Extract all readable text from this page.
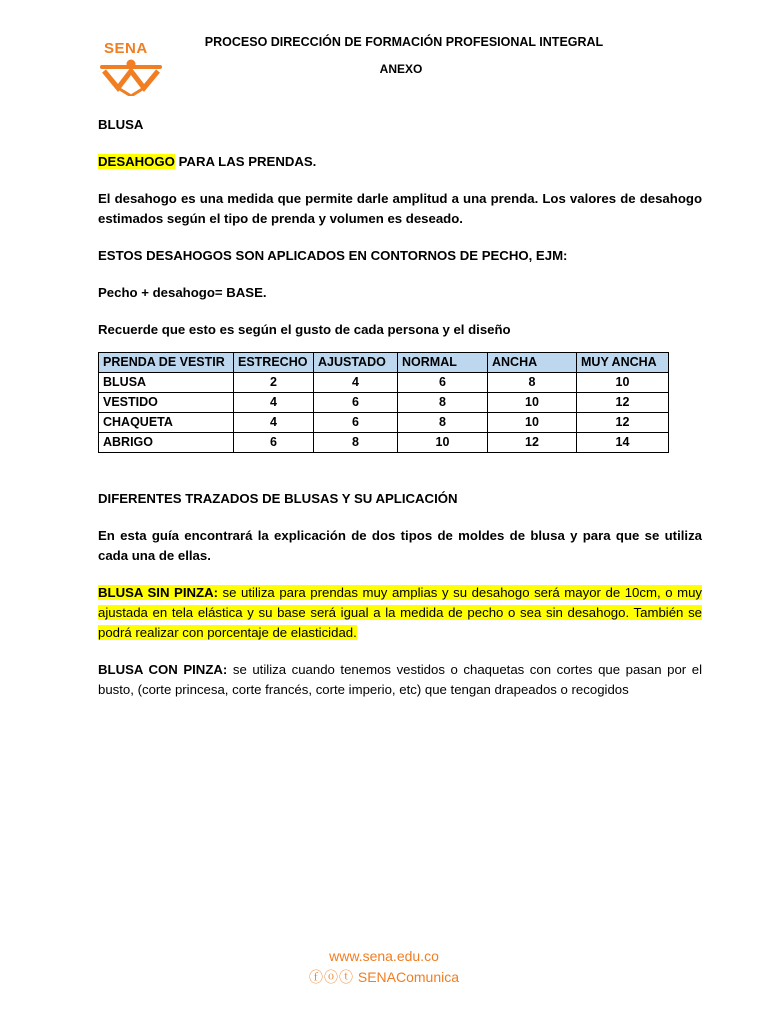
SENA	PROCESO DIRECCIÓN DE FORMACIÓN PROFESIONAL INTEGRAL
ANEXO

BLUSA

DESAHOGO PARA LAS PRENDAS.

El desahogo es una medida que permite darle amplitud a una prenda. Los valores de desahogo estimados según el tipo de prenda y volumen es deseado.

ESTOS DESAHOGOS SON APLICADOS EN CONTORNOS DE PECHO, EJM:

Pecho + desahogo= BASE.

Recuerde que esto es según el gusto de cada persona y el diseño

PRENDA DE VESTIR	ESTRECHO	AJUSTADO	NORMAL	ANCHA	MUY ANCHA
BLUSA	2	4	6	8	10
VESTIDO	4	6	8	10	12
CHAQUETA	4	6	8	10	12
ABRIGO	6	8	10	12	14

DIFERENTES TRAZADOS DE BLUSAS Y SU APLICACIÓN

En esta guía encontrará la explicación de dos tipos de moldes de blusa y para que se utiliza cada una de ellas.

BLUSA SIN PINZA: se utiliza para prendas muy amplias y su desahogo será mayor de 10cm, o muy ajustada en tela elástica y su base será igual a la medida de pecho o sea sin desahogo. También se podrá realizar con porcentaje de elasticidad.

BLUSA CON PINZA: se utiliza cuando tenemos vestidos o chaquetas con cortes que pasan por el busto, (corte princesa, corte francés, corte imperio, etc) que tengan drapeados o recogidos

www.sena.edu.co
ⓕⓞⓣ SENAComunica
